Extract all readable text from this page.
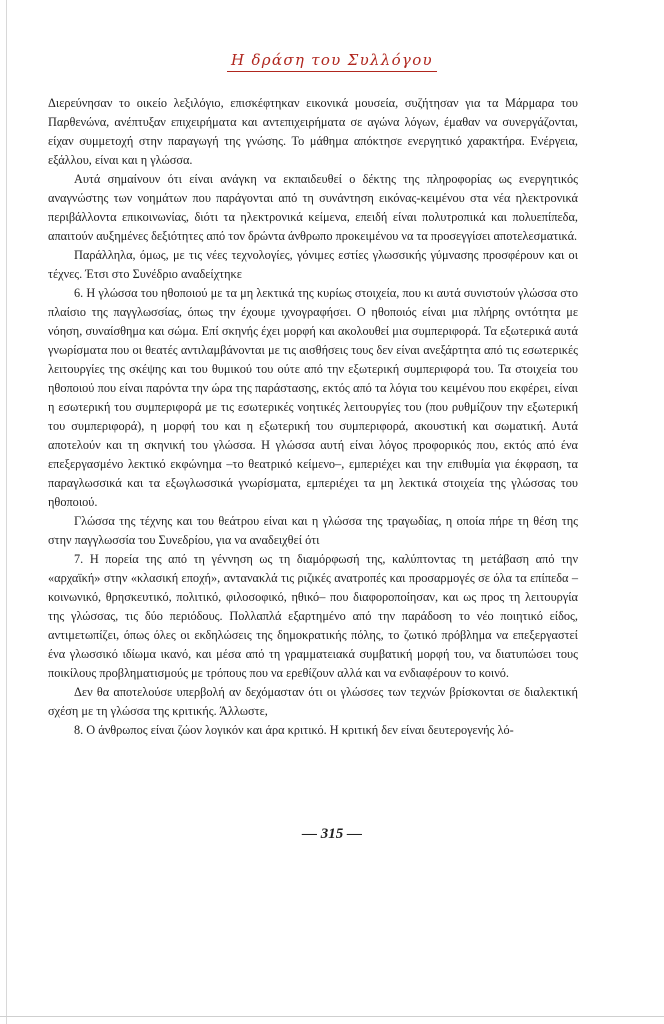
Η δράση του Συλλόγου

Διερεύνησαν το οικείο λεξιλόγιο, επισκέφτηκαν εικονικά μουσεία, συζήτησαν για τα Μάρμαρα του Παρθενώνα, ανέπτυξαν επιχειρήματα και αντεπιχειρήματα σε αγώνα λόγων, έμαθαν να συνεργάζονται, είχαν συμμετοχή στην παραγωγή της γνώσης. Το μάθημα απόκτησε ενεργητικό χαρακτήρα. Ενέργεια, εξάλλου, είναι και η γλώσσα.

Αυτά σημαίνουν ότι είναι ανάγκη να εκπαιδευθεί ο δέκτης της πληροφορίας ως ενεργητικός αναγνώστης των νοημάτων που παράγονται από τη συνάντηση εικόνας-κειμένου στα νέα ηλεκτρονικά περιβάλλοντα επικοινωνίας, διότι τα ηλεκτρονικά κείμενα, επειδή είναι πολυτροπικά και πολυεπίπεδα, απαιτούν αυξημένες δεξιότητες από τον δρώντα άνθρωπο προκειμένου να τα προσεγγίσει αποτελεσματικά.

Παράλληλα, όμως, με τις νέες τεχνολογίες, γόνιμες εστίες γλωσσικής γύμνασης προσφέρουν και οι τέχνες. Έτσι στο Συνέδριο αναδείχτηκε

6. Η γλώσσα του ηθοποιού με τα μη λεκτικά της κυρίως στοιχεία, που κι αυτά συνιστούν γλώσσα στο πλαίσιο της παγγλωσσίας, όπως την έχουμε ιχνογραφήσει. Ο ηθοποιός είναι μια πλήρης οντότητα με νόηση, συναίσθημα και σώμα. Επί σκηνής έχει μορφή και ακολουθεί μια συμπεριφορά. Τα εξωτερικά αυτά γνωρίσματα που οι θεατές αντιλαμβάνονται με τις αισθήσεις τους δεν είναι ανεξάρτητα από τις εσωτερικές λειτουργίες της σκέψης και του θυμικού του ούτε από την εξωτερική συμπεριφορά του. Τα στοιχεία του ηθοποιού που είναι παρόντα την ώρα της παράστασης, εκτός από τα λόγια του κειμένου που εκφέρει, είναι η εσωτερική του συμπεριφορά με τις εσωτερικές νοητικές λειτουργίες του (που ρυθμίζουν την εξωτερική του συμπεριφορά), η μορφή του και η εξωτερική του συμπεριφορά, ακουστική και σωματική. Αυτά αποτελούν και τη σκηνική του γλώσσα. Η γλώσσα αυτή είναι λόγος προφορικός που, εκτός από ένα επεξεργασμένο λεκτικό εκφώνημα –το θεατρικό κείμενο–, εμπεριέχει και την επιθυμία για έκφραση, τα παραγλωσσικά και τα εξωγλωσσικά γνωρίσματα, εμπεριέχει τα μη λεκτικά στοιχεία της γλώσσας του ηθοποιού.

Γλώσσα της τέχνης και του θεάτρου είναι και η γλώσσα της τραγωδίας, η οποία πήρε τη θέση της στην παγγλωσσία του Συνεδρίου, για να αναδειχθεί ότι

7. Η πορεία της από τη γέννηση ως τη διαμόρφωσή της, καλύπτοντας τη μετάβαση από την «αρχαϊκή» στην «κλασική εποχή», αντανακλά τις ριζικές ανατροπές και προσαρμογές σε όλα τα επίπεδα –κοινωνικό, θρησκευτικό, πολιτικό, φιλοσοφικό, ηθικό– που διαφοροποίησαν, και ως προς τη λειτουργία της γλώσσας, τις δύο περιόδους. Πολλαπλά εξαρτημένο από την παράδοση το νέο ποιητικό είδος, αντιμετωπίζει, όπως όλες οι εκδηλώσεις της δημοκρατικής πόλης, το ζωτικό πρόβλημα να επεξεργαστεί ένα γλωσσικό ιδίωμα ικανό, και μέσα από τη γραμματειακά συμβατική μορφή του, να διατυπώσει τους ποικίλους προβληματισμούς με τρόπους που να ερεθίζουν αλλά και να ενδιαφέρουν το κοινό.

Δεν θα αποτελούσε υπερβολή αν δεχόμασταν ότι οι γλώσσες των τεχνών βρίσκονται σε διαλεκτική σχέση με τη γλώσσα της κριτικής. Άλλωστε,

8. Ο άνθρωπος είναι ζώον λογικόν και άρα κριτικό. Η κριτική δεν είναι δευτερογενής λό-

— 315 —
